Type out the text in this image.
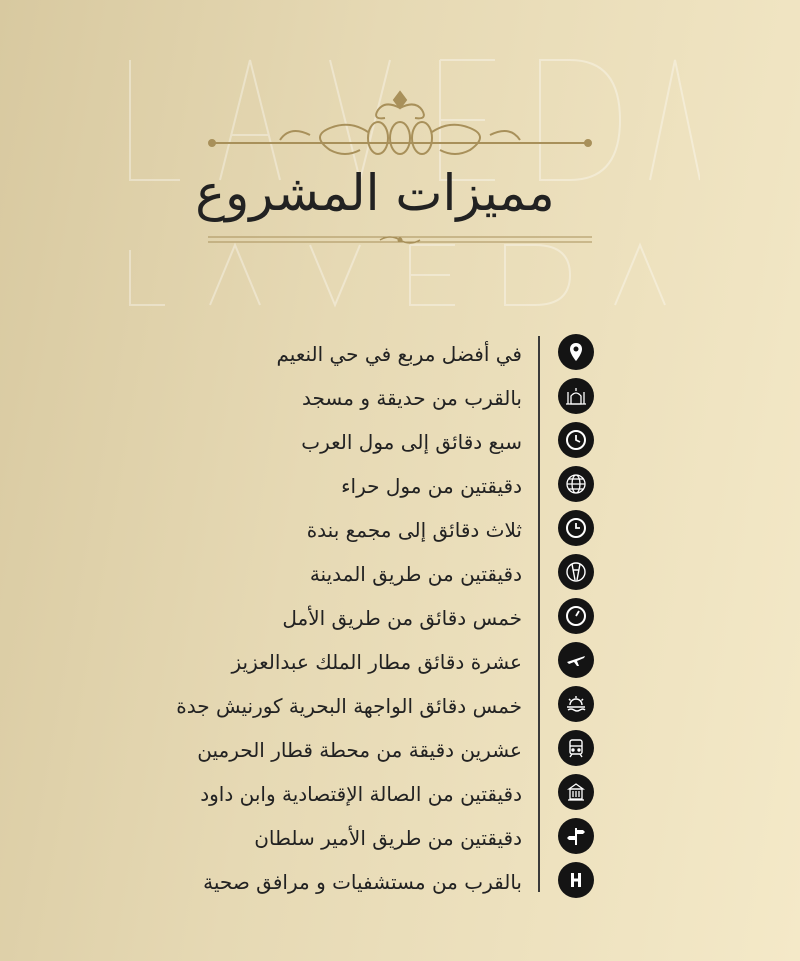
مميزات المشروع
في أفضل مربع في حي النعيم
بالقرب من حديقة و مسجد
سبع دقائق إلى مول العرب
دقيقتين من مول حراء
ثلاث دقائق إلى مجمع بندة
دقيقتين من طريق المدينة
خمس دقائق من طريق الأمل
عشرة دقائق مطار الملك عبدالعزيز
خمس دقائق الواجهة البحرية كورنيش جدة
عشرين دقيقة من محطة قطار الحرمين
دقيقتين من الصالة الإقتصادية وابن داود
دقيقتين من طريق الأمير سلطان
بالقرب من مستشفيات و مرافق صحية
